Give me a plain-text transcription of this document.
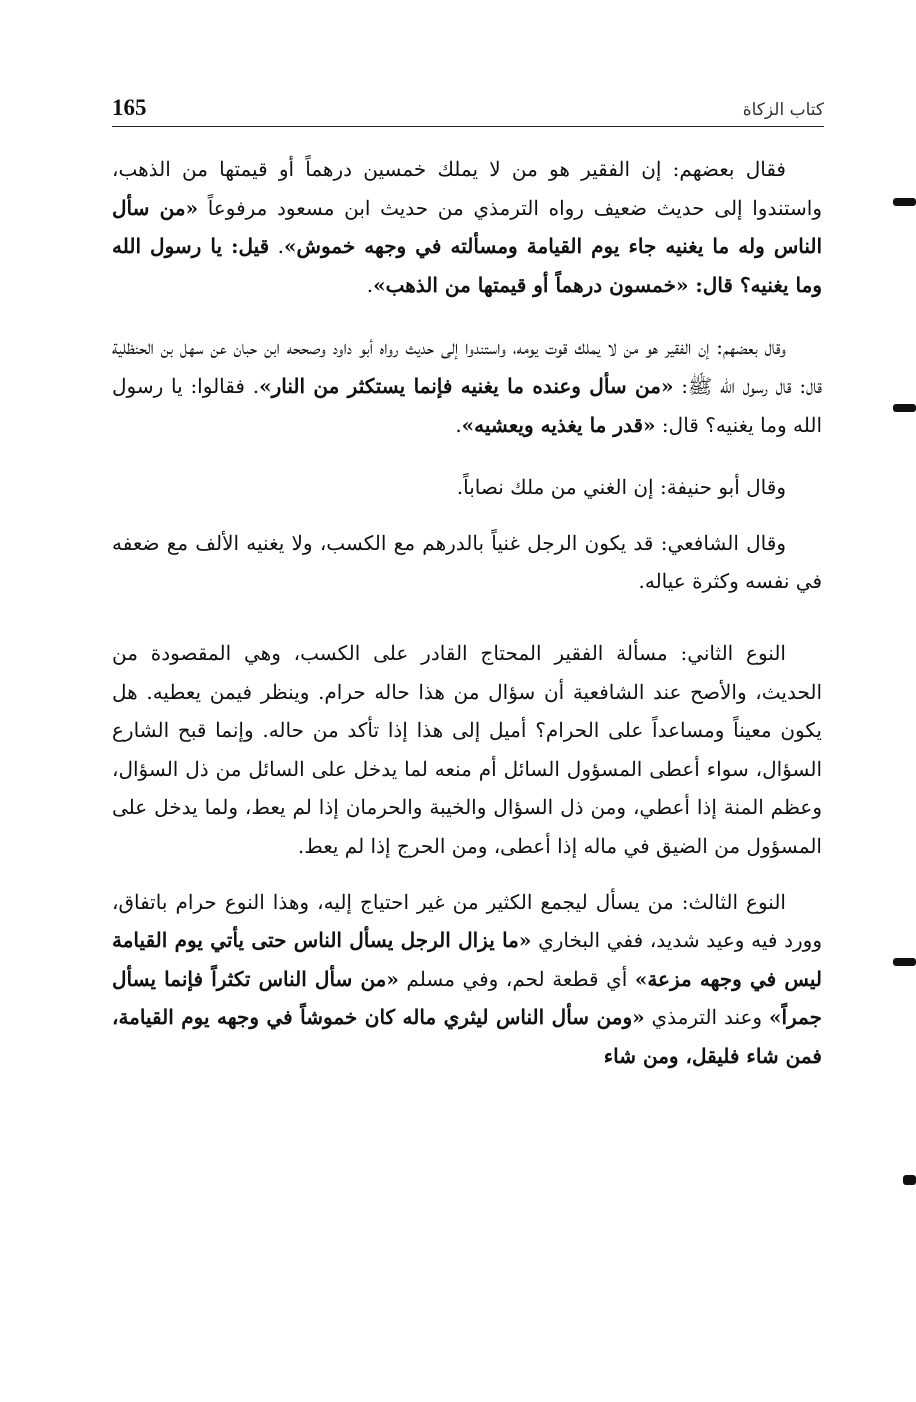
165	كتاب الزكاة

فقال بعضهم: إن الفقير هو من لا يملك خمسين درهماً أو قيمتها من الذهب، واستندوا إلى حديث ضعيف رواه الترمذي من حديث ابن مسعود مرفوعاً «من سأل الناس وله ما يغنيه جاء يوم القيامة ومسألته في وجهه خموش». قيل: يا رسول الله وما يغنيه؟ قال: «خمسون درهماً أو قيمتها من الذهب».

وقال بعضهم: إن الفقير هو من لا يملك قوت يومه، واستندوا إلى حديث رواه أبو داود وصححه ابن حبان عن سهل بن الحنظلية قال: قال رسول الله ﷺ: «من سأل وعنده ما يغنيه فإنما يستكثر من النار». فقالوا: يا رسول الله وما يغنيه؟ قال: «قدر ما يغذيه ويعشيه».

وقال أبو حنيفة: إن الغني من ملك نصاباً.

وقال الشافعي: قد يكون الرجل غنياً بالدرهم مع الكسب، ولا يغنيه الألف مع ضعفه في نفسه وكثرة عياله.

النوع الثاني: مسألة الفقير المحتاج القادر على الكسب، وهي المقصودة من الحديث، والأصح عند الشافعية أن سؤال من هذا حاله حرام. وينظر فيمن يعطيه. هل يكون معيناً ومساعداً على الحرام؟ أميل إلى هذا إذا تأكد من حاله. وإنما قبح الشارع السؤال، سواء أعطى المسؤول السائل أم منعه لما يدخل على السائل من ذل السؤال، وعظم المنة إذا أعطي، ومن ذل السؤال والخيبة والحرمان إذا لم يعط، ولما يدخل على المسؤول من الضيق في ماله إذا أعطى، ومن الحرج إذا لم يعط.

النوع الثالث: من يسأل ليجمع الكثير من غير احتياج إليه، وهذا النوع حرام باتفاق، وورد فيه وعيد شديد، ففي البخاري «ما يزال الرجل يسأل الناس حتى يأتي يوم القيامة ليس في وجهه مزعة» أي قطعة لحم، وفي مسلم «من سأل الناس تكثراً فإنما يسأل جمراً» وعند الترمذي «ومن سأل الناس ليثري ماله كان خموشاً في وجهه يوم القيامة، فمن شاء فليقل، ومن شاء
